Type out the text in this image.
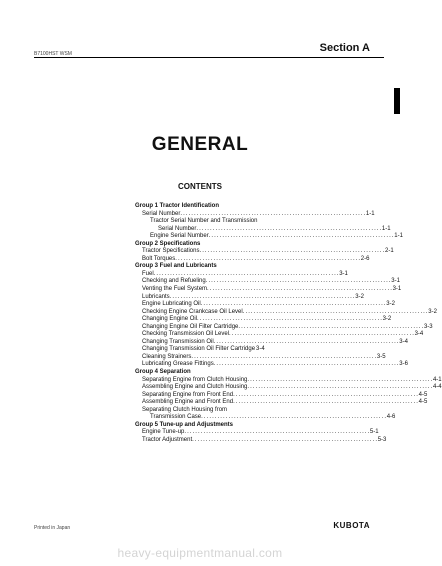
B7100HST WSM	Section A
GENERAL
CONTENTS
Group 1 Tractor Identification
Serial Number . . .	1-1
Tractor Serial Number and Transmission
Serial Number . . .	1-1
Engine Serial Number . . .	1-1
Group 2 Specifications
Tractor Specifications . . .	2-1
Bolt Torques . . .	2-6
Group 3 Fuel and Lubricants
Fuel . . .	3-1
Checking and Refueling . . .	3-1
Venting the Fuel System . . .	3-1
Lubricants . . .	3-2
Engine Lubricating Oil . . .	3-2
Checking Engine Crankcase Oil Level . . .	3-2
Changing Engine Oil . . .	3-2
Changing Engine Oil Filter Cartridge . . .	3-3
Checking Transmission Oil Level . . .	3-4
Changing Transmission Oil . . .	3-4
Changing Transmission Oil Filter Cartridge 3-4
Cleaning Strainers . . .	3-5
Lubricating Grease Fittings . . .	3-6
Group 4 Separation
Separating Engine from Clutch Housing . . .	4-1
Assembling Engine and Clutch Housing . . .	4-4
Separating Engine from Front End . . .	4-5
Assembling Engine and Front End . . .	4-5
Separating Clutch Housing from
Transmission Case . . .	4-6
Group 5 Tune-up and Adjustments
Engine Tune-up . . .	5-1
Tractor Adjustment . . .	5-3
Printed in Japan	KUBOTA
heavy-equipmentmanual.com
